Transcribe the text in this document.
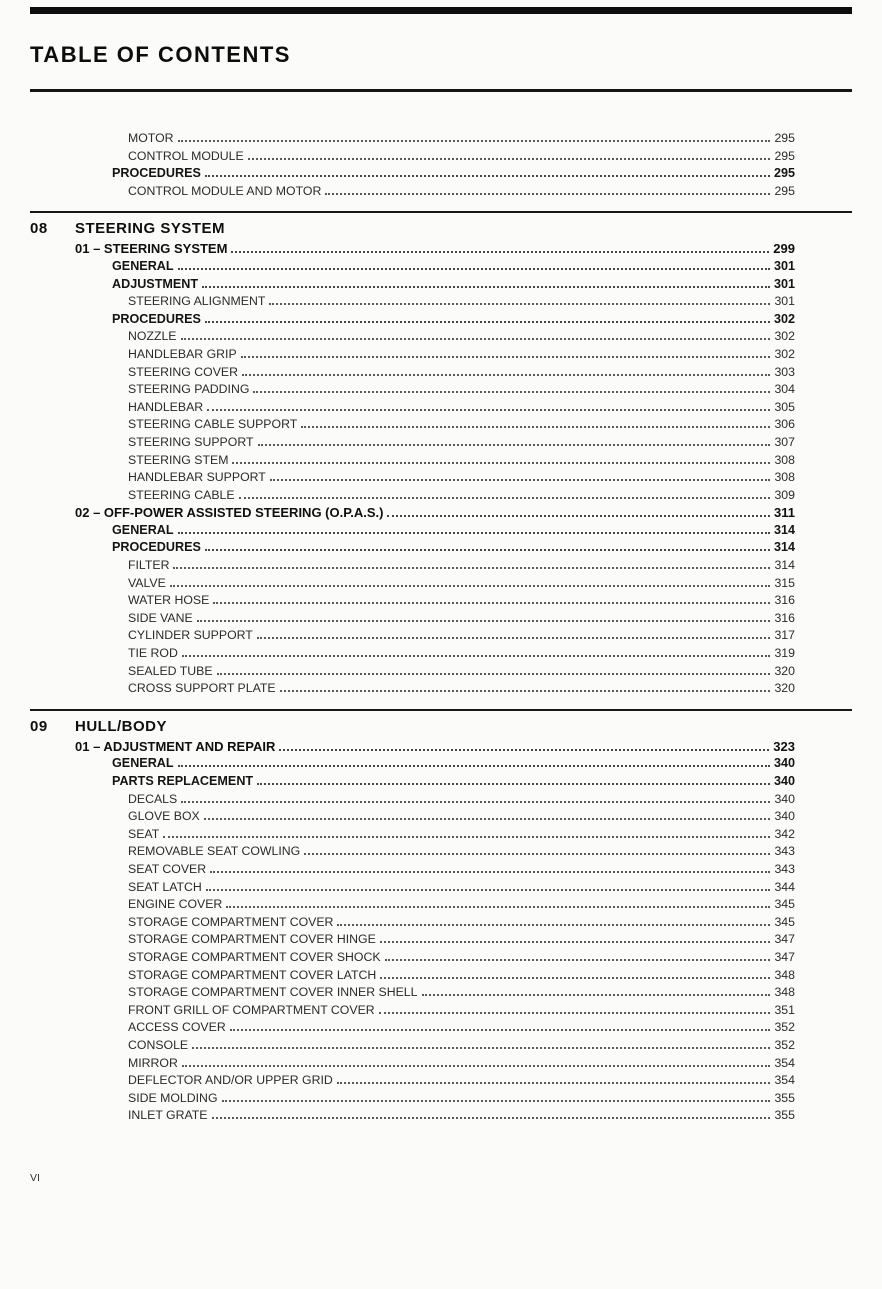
TABLE OF CONTENTS
MOTOR	295
CONTROL MODULE	295
PROCEDURES	295
CONTROL MODULE AND MOTOR	295
08	STEERING SYSTEM
01 – STEERING SYSTEM	299
GENERAL	301
ADJUSTMENT	301
STEERING ALIGNMENT	301
PROCEDURES	302
NOZZLE	302
HANDLEBAR GRIP	302
STEERING COVER	303
STEERING PADDING	304
HANDLEBAR	305
STEERING CABLE SUPPORT	306
STEERING SUPPORT	307
STEERING STEM	308
HANDLEBAR SUPPORT	308
STEERING CABLE	309
02 – OFF-POWER ASSISTED STEERING (O.P.A.S.)	311
GENERAL	314
PROCEDURES	314
FILTER	314
VALVE	315
WATER HOSE	316
SIDE VANE	316
CYLINDER SUPPORT	317
TIE ROD	319
SEALED TUBE	320
CROSS SUPPORT PLATE	320
09	HULL/BODY
01 – ADJUSTMENT AND REPAIR	323
GENERAL	340
PARTS REPLACEMENT	340
DECALS	340
GLOVE BOX	340
SEAT	342
REMOVABLE SEAT COWLING	343
SEAT COVER	343
SEAT LATCH	344
ENGINE COVER	345
STORAGE COMPARTMENT COVER	345
STORAGE COMPARTMENT COVER HINGE	347
STORAGE COMPARTMENT COVER SHOCK	347
STORAGE COMPARTMENT COVER LATCH	348
STORAGE COMPARTMENT COVER INNER SHELL	348
FRONT GRILL OF COMPARTMENT COVER	351
ACCESS COVER	352
CONSOLE	352
MIRROR	354
DEFLECTOR AND/OR UPPER GRID	354
SIDE MOLDING	355
INLET GRATE	355
VI
